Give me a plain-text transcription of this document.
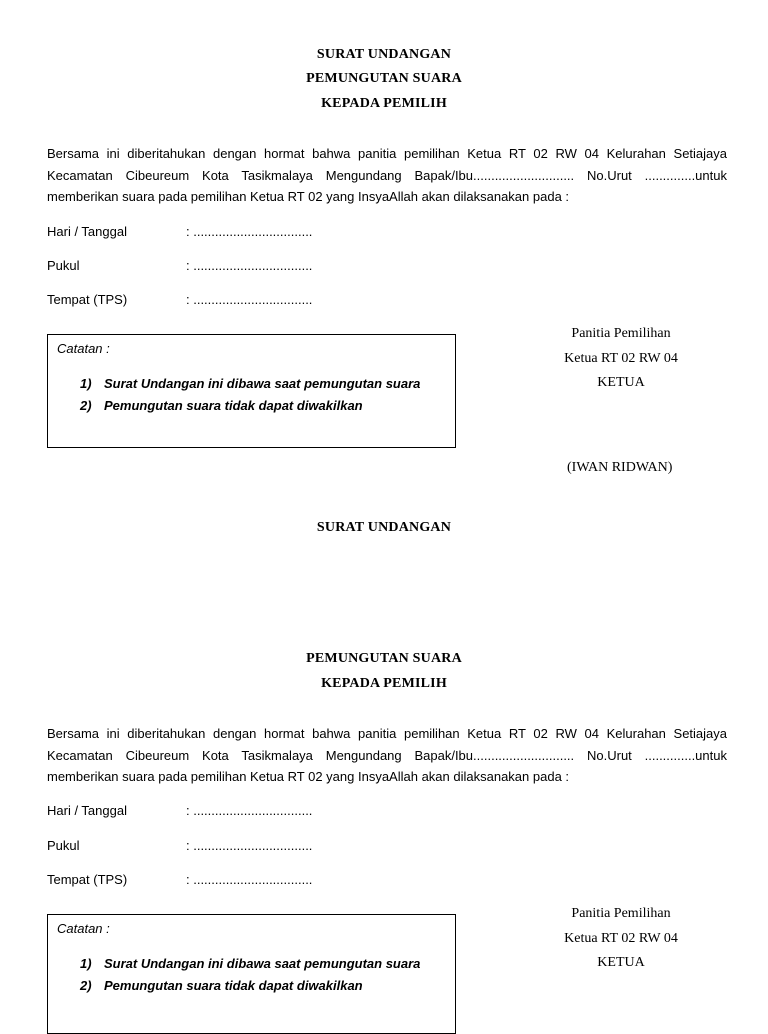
SURAT UNDANGAN
PEMUNGUTAN SUARA
KEPADA PEMILIH
Bersama ini diberitahukan dengan hormat bahwa panitia pemilihan Ketua RT 02 RW 04 Kelurahan Setiajaya
Kecamatan Cibeureum Kota Tasikmalaya Mengundang Bapak/Ibu............................ No.Urut ..............untuk
memberikan suara pada pemilihan Ketua RT 02 yang InsyaAllah akan dilaksanakan pada :
Hari / Tanggal	: .................................
Pukul	: .................................
Tempat (TPS)	: .................................
Catatan :
1) Surat Undangan ini dibawa saat pemungutan suara
2) Pemungutan suara tidak dapat diwakilkan
Panitia Pemilihan
Ketua RT 02 RW 04
KETUA
(IWAN RIDWAN)
SURAT UNDANGAN
PEMUNGUTAN SUARA
KEPADA PEMILIH
Bersama ini diberitahukan dengan hormat bahwa panitia pemilihan Ketua RT 02 RW 04 Kelurahan Setiajaya
Kecamatan Cibeureum Kota Tasikmalaya Mengundang Bapak/Ibu............................ No.Urut ..............untuk
memberikan suara pada pemilihan Ketua RT 02 yang InsyaAllah akan dilaksanakan pada :
Hari / Tanggal	: .................................
Pukul	: .................................
Tempat (TPS)	: .................................
Catatan :
1) Surat Undangan ini dibawa saat pemungutan suara
2) Pemungutan suara tidak dapat diwakilkan
Panitia Pemilihan
Ketua RT 02 RW 04
KETUA
